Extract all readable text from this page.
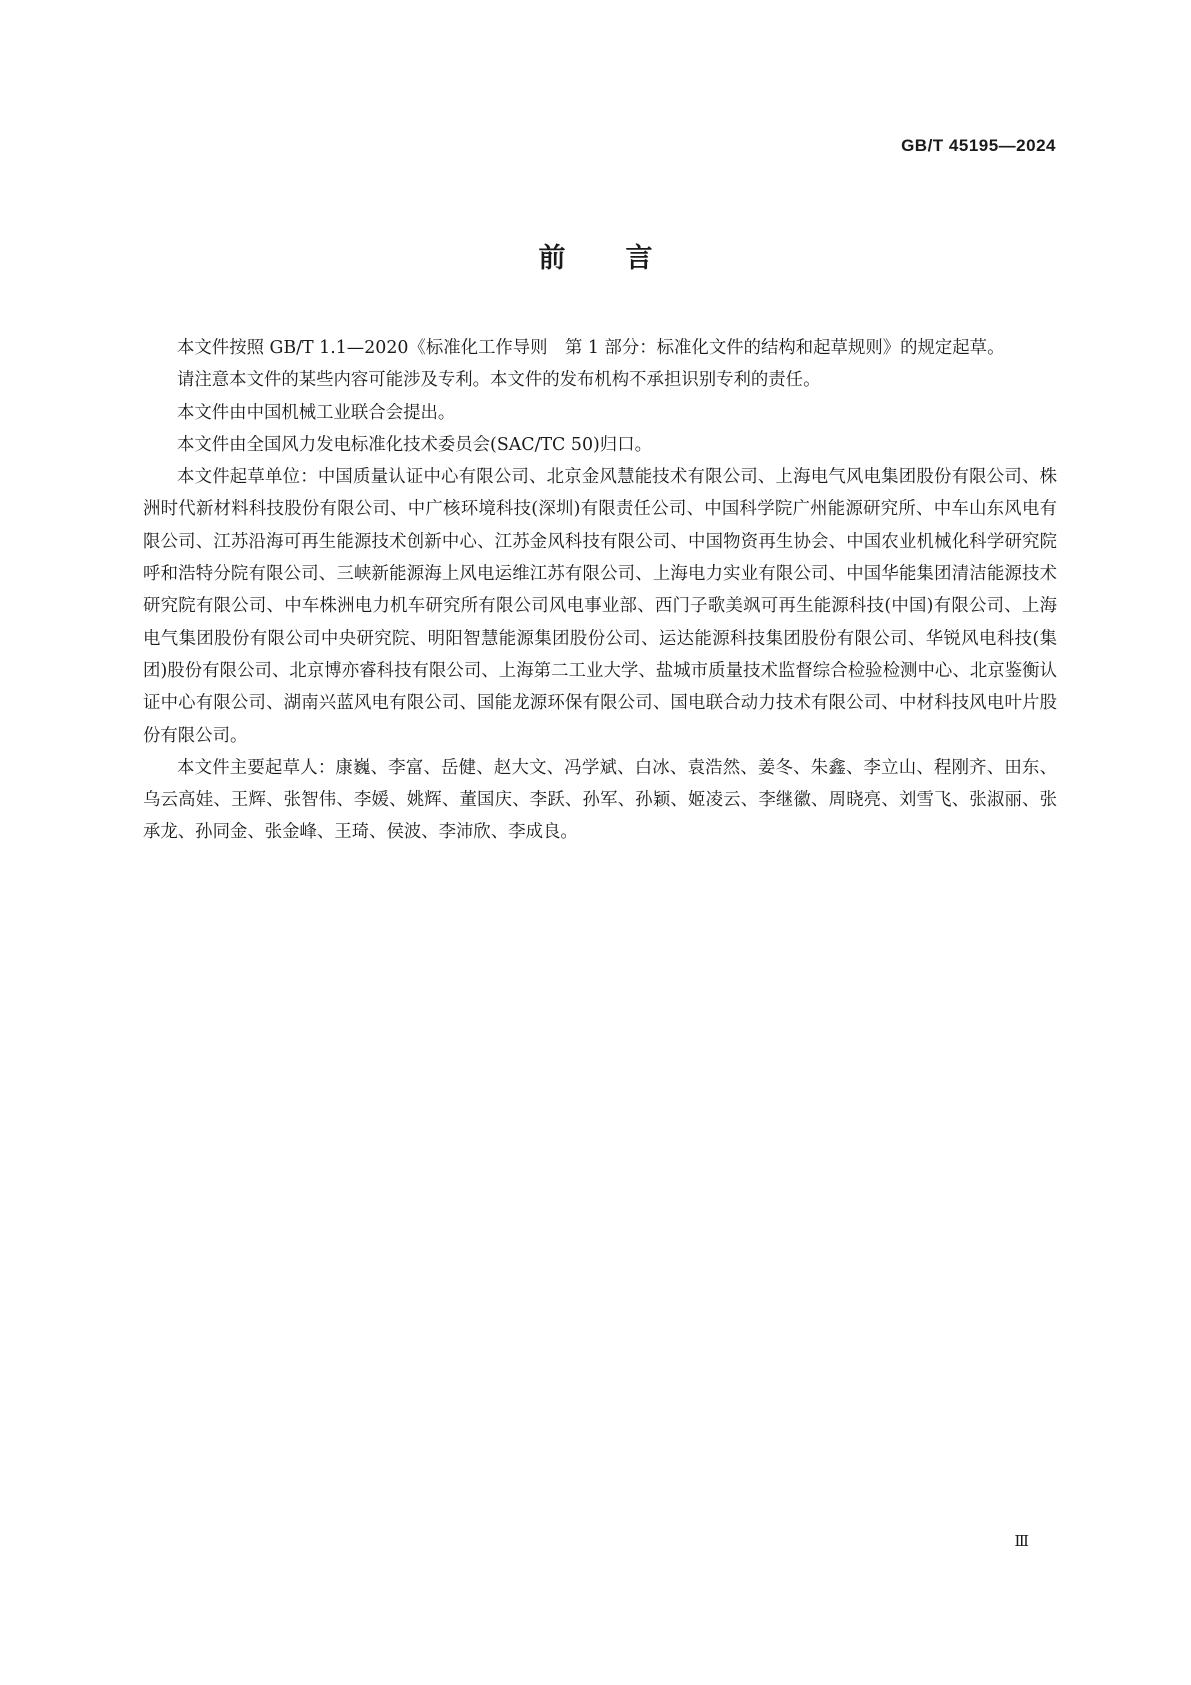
GB/T 45195—2024
前言

本文件按照 GB/T 1.1—2020《标准化工作导则　第 1 部分：标准化文件的结构和起草规则》的规定起草。

请注意本文件的某些内容可能涉及专利。本文件的发布机构不承担识别专利的责任。

本文件由中国机械工业联合会提出。

本文件由全国风力发电标准化技术委员会(SAC/TC 50)归口。

本文件起草单位：中国质量认证中心有限公司、北京金风慧能技术有限公司、上海电气风电集团股份有限公司、株洲时代新材料科技股份有限公司、中广核环境科技(深圳)有限责任公司、中国科学院广州能源研究所、中车山东风电有限公司、江苏沿海可再生能源技术创新中心、江苏金风科技有限公司、中国物资再生协会、中国农业机械化科学研究院呼和浩特分院有限公司、三峡新能源海上风电运维江苏有限公司、上海电力实业有限公司、中国华能集团清洁能源技术研究院有限公司、中车株洲电力机车研究所有限公司风电事业部、西门子歌美飒可再生能源科技(中国)有限公司、上海电气集团股份有限公司中央研究院、明阳智慧能源集团股份公司、运达能源科技集团股份有限公司、华锐风电科技(集团)股份有限公司、北京博亦睿科技有限公司、上海第二工业大学、盐城市质量技术监督综合检验检测中心、北京鉴衡认证中心有限公司、湖南兴蓝风电有限公司、国能龙源环保有限公司、国电联合动力技术有限公司、中材科技风电叶片股份有限公司。

本文件主要起草人：康巍、李富、岳健、赵大文、冯学斌、白冰、袁浩然、姜冬、朱鑫、李立山、程刚齐、田东、乌云高娃、王辉、张智伟、李媛、姚辉、董国庆、李跃、孙军、孙颖、姬凌云、李继徽、周晓亮、刘雪飞、张淑丽、张承龙、孙同金、张金峰、王琦、侯波、李沛欣、李成良。

Ⅲ
